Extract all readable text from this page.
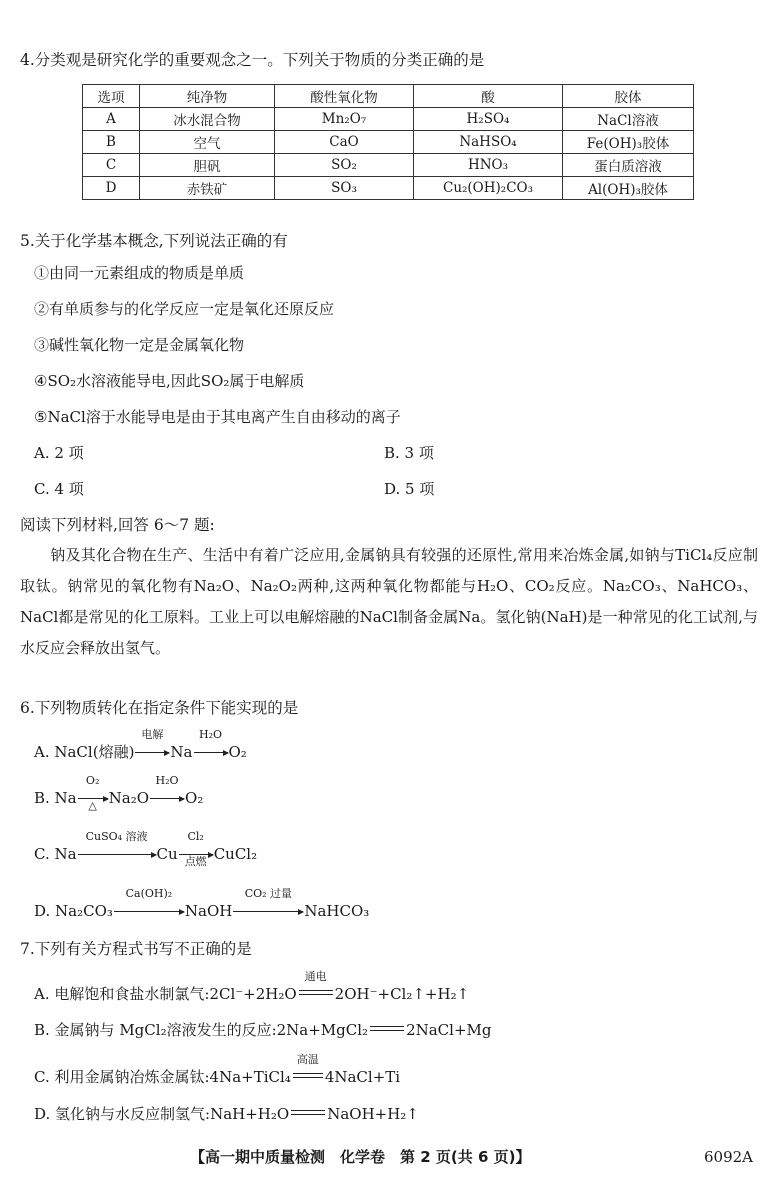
4.分类观是研究化学的重要观念之一。下列关于物质的分类正确的是
选项	纯净物	酸性氧化物	酸	胶体
A	冰水混合物	Mn₂O₇	H₂SO₄	NaCl溶液
B	空气	CaO	NaHSO₄	Fe(OH)₃胶体
C	胆矾	SO₂	HNO₃	蛋白质溶液
D	赤铁矿	SO₃	Cu₂(OH)₂CO₃	Al(OH)₃胶体
5.关于化学基本概念,下列说法正确的有
①由同一元素组成的物质是单质
②有单质参与的化学反应一定是氧化还原反应
③碱性氧化物一定是金属氧化物
④SO₂水溶液能导电,因此SO₂属于电解质
⑤NaCl溶于水能导电是由于其电离产生自由移动的离子
A. 2 项	B. 3 项
C. 4 项	D. 5 项
阅读下列材料,回答 6～7 题:
钠及其化合物在生产、生活中有着广泛应用,金属钠具有较强的还原性,常用来冶炼金属,如钠与TiCl₄反应制取钛。钠常见的氧化物有Na₂O、Na₂O₂两种,这两种氧化物都能与H₂O、CO₂反应。Na₂CO₃、NaHCO₃、NaCl都是常见的化工原料。工业上可以电解熔融的NaCl制备金属Na。氢化钠(NaH)是一种常见的化工试剂,与水反应会释放出氢气。
6.下列物质转化在指定条件下能实现的是
A. NaCl(熔融)
电解
Na
H₂O
O₂
B. Na
O₂
△ Na₂O
H₂O
O₂
C. Na
CuSO₄ 溶液
Cu
Cl₂
点燃 CuCl₂
D. Na₂CO₃
Ca(OH)₂
NaOH
CO₂ 过量
NaHCO₃
7.下列有关方程式书写不正确的是
A. 电解饱和食盐水制氯气:2Cl⁻+2H₂O
通电
2OH⁻+Cl₂↑+H₂↑
B. 金属钠与 MgCl₂溶液发生的反应:2Na+MgCl₂	2NaCl+Mg
C. 利用金属钠冶炼金属钛:4Na+TiCl₄
高温
4NaCl+Ti
D. 氢化钠与水反应制氢气:NaH+H₂O	NaOH+H₂↑
【高一期中质量检测　化学卷　第 2 页(共 6 页)】	6092A
